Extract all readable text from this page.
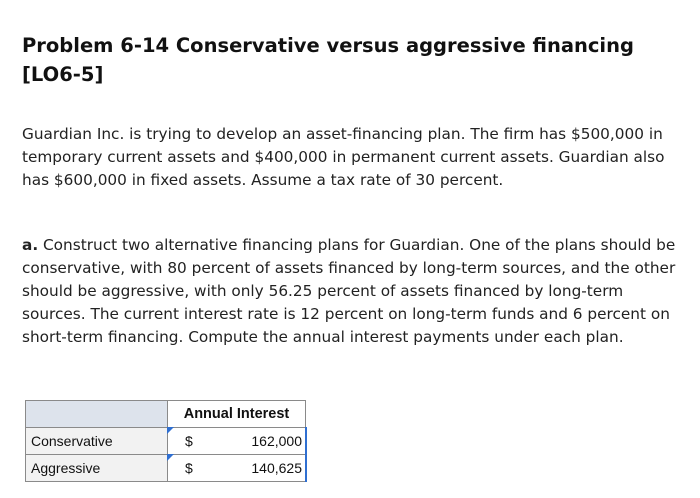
Problem 6-14 Conservative versus aggressive financing
[LO6-5]

Guardian Inc. is trying to develop an asset-financing plan. The firm has $500,000 in temporary current assets and $400,000 in permanent current assets. Guardian also has $600,000 in fixed assets. Assume a tax rate of 30 percent.

a. Construct two alternative financing plans for Guardian. One of the plans should be conservative, with 80 percent of assets financed by long-term sources, and the other should be aggressive, with only 56.25 percent of assets financed by long-term sources. The current interest rate is 12 percent on long-term funds and 6 percent on short-term financing. Compute the annual interest payments under each plan.

	Annual Interest
Conservative	$ 162,000

Aggressive	$ 140,625
